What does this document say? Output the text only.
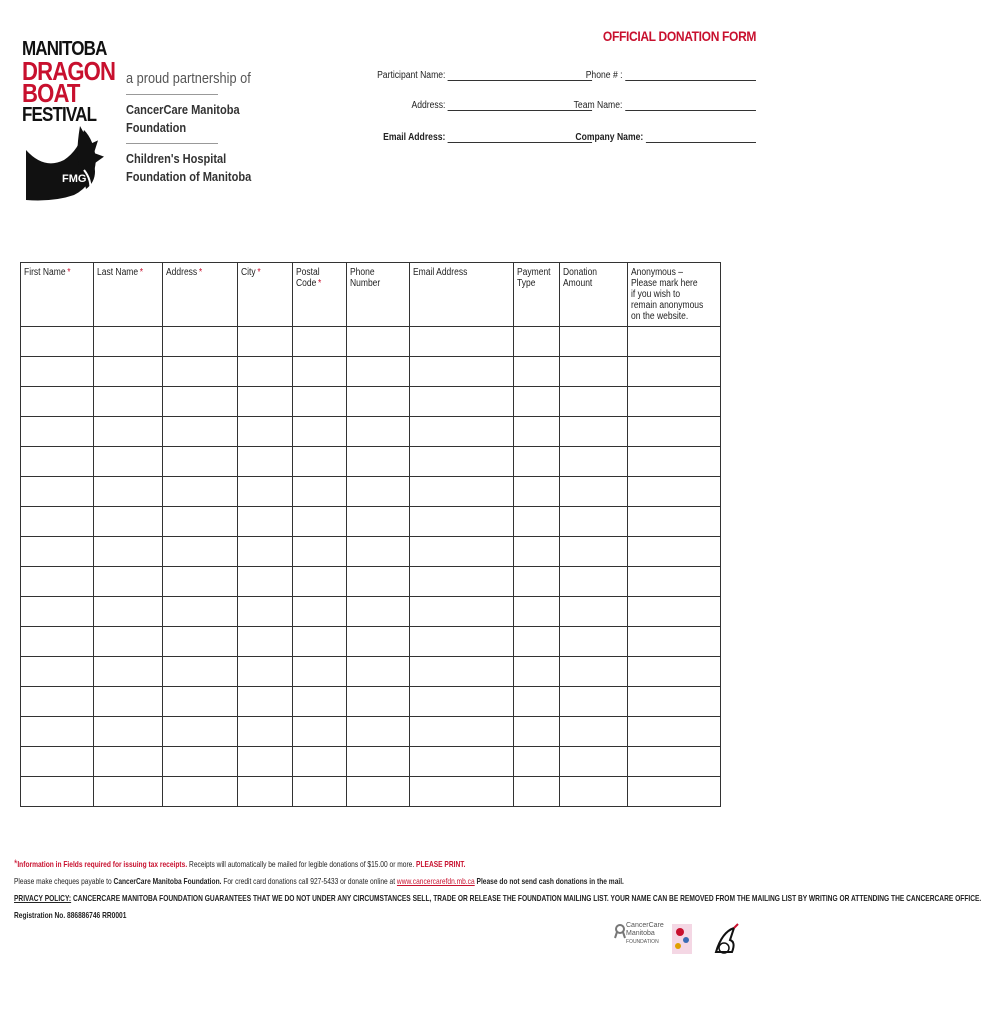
OFFICIAL DONATION FORM
Participant Name:	Phone # :
Address:	Team Name:
Email Address:	Company Name:
MANITOBA
DRAGON
BOAT
FESTIVAL
FMG
a proud partnership of
CancerCare Manitoba
Foundation
Children's Hospital
Foundation of Manitoba
First Name *	Last Name *	Address *	City *	Postal Code *	Phone Number	Email Address	Payment Type	Donation Amount	Anonymous – Please mark here if you wish to remain anonymous on the website.

*Information in Fields required for issuing tax receipts. Receipts will automatically be mailed for legible donations of $15.00 or more. PLEASE PRINT.
Please make cheques payable to CancerCare Manitoba Foundation. For credit card donations call 927-5433 or donate online at www.cancercarefdn.mb.ca Please do not send cash donations in the mail.
PRIVACY POLICY: CANCERCARE MANITOBA FOUNDATION GUARANTEES THAT WE DO NOT UNDER ANY CIRCUMSTANCES SELL, TRADE OR RELEASE THE FOUNDATION MAILING LIST. YOUR NAME CAN BE REMOVED FROM THE MAILING LIST BY WRITING OR ATTENDING THE CANCERCARE OFFICE.
Registration No. 886886746 RR0001
CancerCare
Manitoba
FOUNDATION
